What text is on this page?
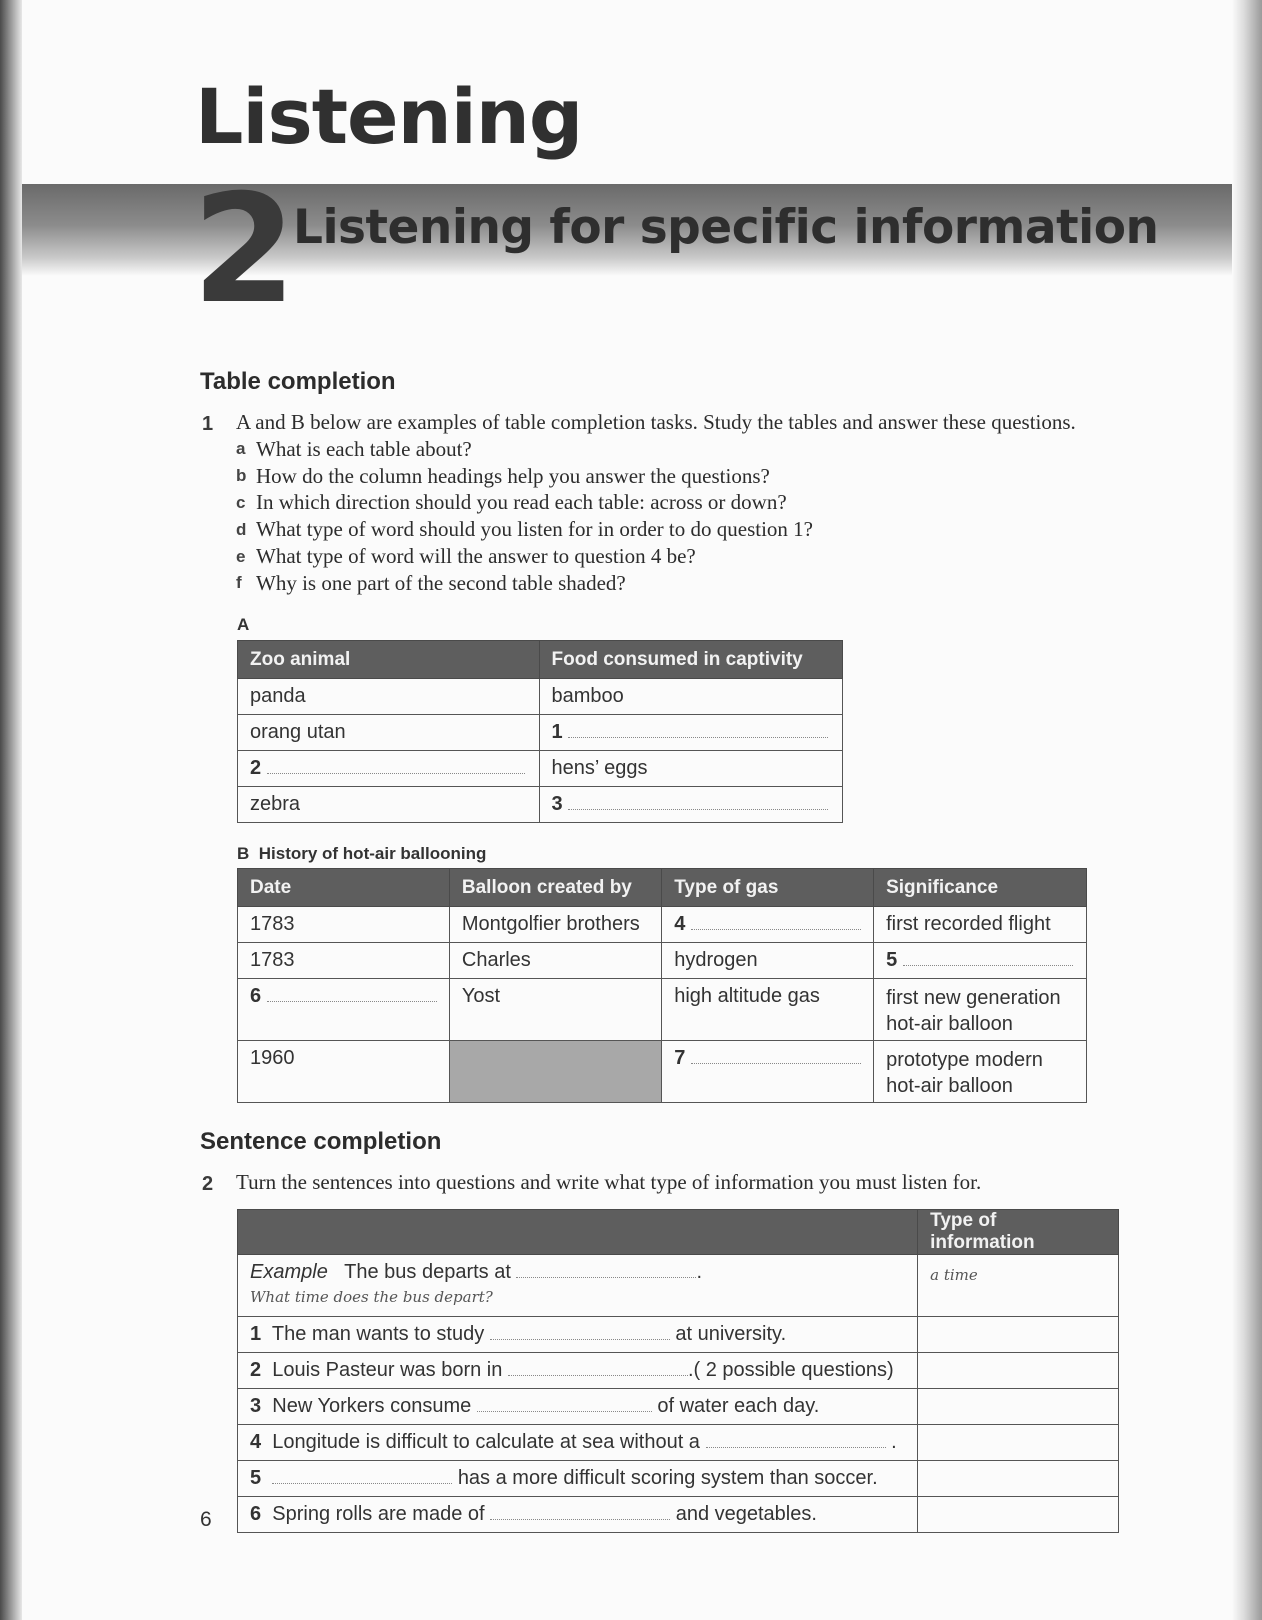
Listening
2
Listening for specific information
Table completion
1 A and B below are examples of table completion tasks. Study the tables and answer these questions.
a What is each table about?
b How do the column headings help you answer the questions?
c In which direction should you read each table: across or down?
d What type of word should you listen for in order to do question 1?
e What type of word will the answer to question 4 be?
f Why is one part of the second table shaded?
A
Zoo animal	Food consumed in captivity
panda	bamboo
orang utan	1
2	hens’ eggs
zebra	3
B History of hot-air ballooning
Date	Balloon created by	Type of gas	Significance
1783	Montgolfier brothers	4	first recorded flight
1783	Charles	hydrogen	5
6	Yost	high altitude gas	first new generation hot-air balloon
1960		7	prototype modern hot-air balloon
Sentence completion
2 Turn the sentences into questions and write what type of information you must listen for.
	Type of information

Example The bus departs at .
What time does the bus depart?	a time
1 The man wants to study at university.	
2 Louis Pasteur was born in .( 2 possible questions)	
3 New Yorkers consume of water each day.	
4 Longitude is difficult to calculate at sea without a .	
5 has a more difficult scoring system than soccer.	
6 Spring rolls are made of and vegetables.	
6
